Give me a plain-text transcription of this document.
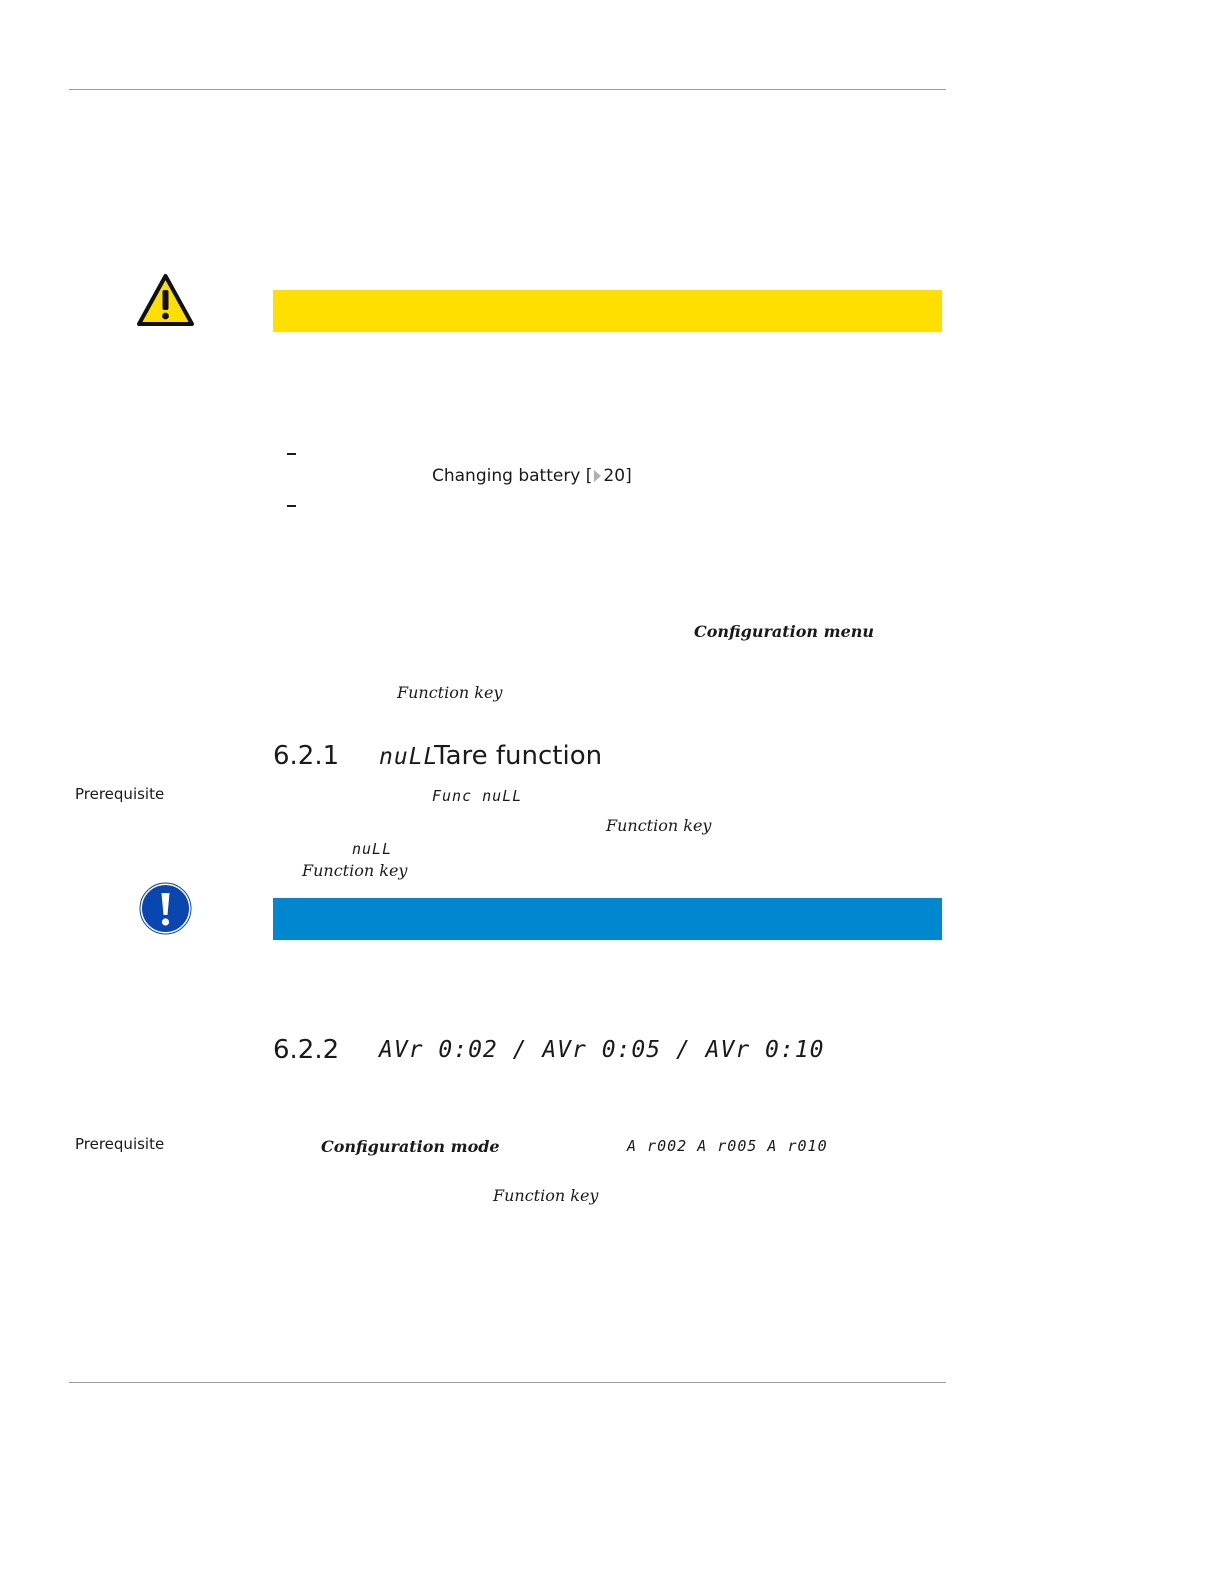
Changing battery [ 20]
Configuration menu
Function key
6.2.1 nuLL
Tare function
Prerequisite	Func nuLL
Function key
nuLL
Function key
6.2.2 AVr 0:02 / AVr 0:05 / AVr 0:10
Prerequisite	Configuration mode	A r002 A r005 A r010
Function key
